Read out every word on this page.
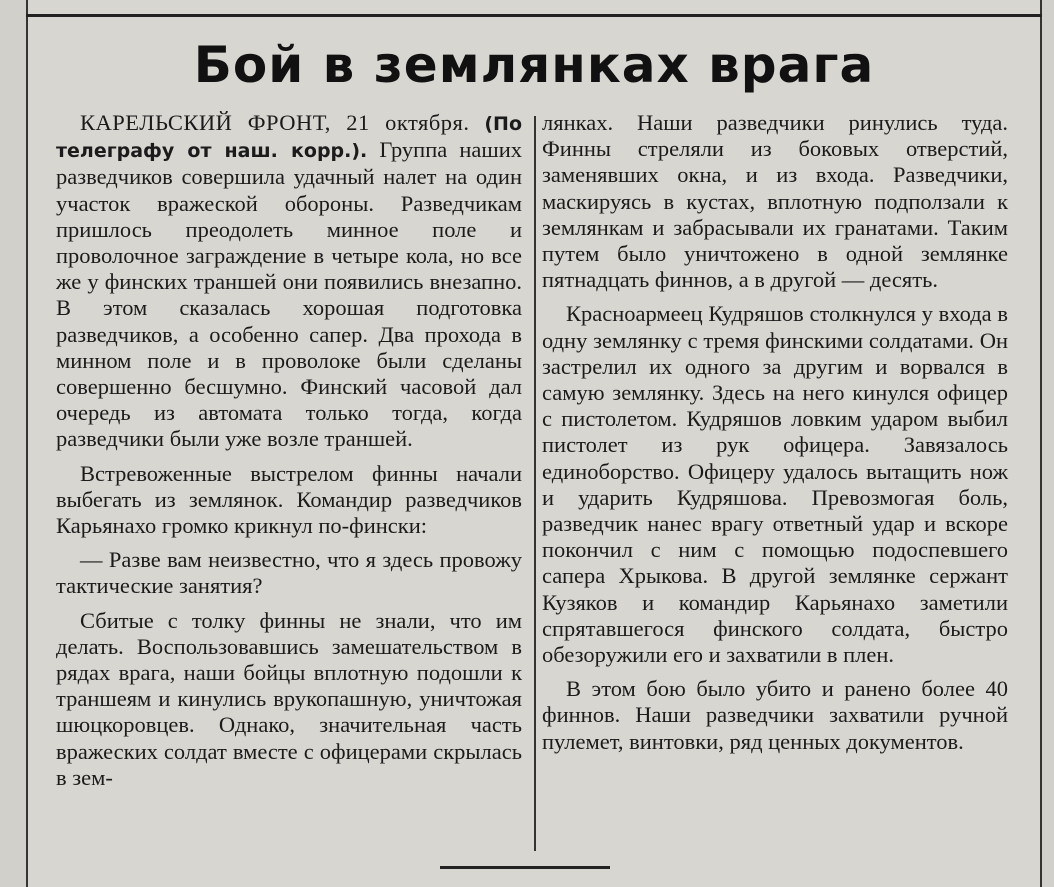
Бой в землянках врага

КАРЕЛЬСКИЙ ФРОНТ, 21 октября. (По телеграфу от наш. корр.). Группа наших разведчиков совершила удачный налет на один участок вражеской обороны. Разведчикам пришлось преодолеть минное поле и проволочное заграждение в четыре кола, но все же у финских траншей они появились внезапно. В этом сказалась хорошая подготовка разведчиков, а особенно сапер. Два прохода в минном поле и в проволоке были сделаны совершенно бесшумно. Финский часовой дал очередь из автомата только тогда, когда разведчики были уже возле траншей.

Встревоженные выстрелом финны начали выбегать из землянок. Командир разведчиков Карьянахо громко крикнул по-фински:

— Разве вам неизвестно, что я здесь провожу тактические занятия?

Сбитые с толку финны не знали, что им делать. Воспользовавшись замешательством в рядах врага, наши бойцы вплотную подошли к траншеям и кинулись врукопашную, уничтожая шюцкоровцев. Однако, значительная часть вражеских солдат вместе с офицерами скрылась в зем-

лянках. Наши разведчики ринулись туда. Финны стреляли из боковых отверстий, заменявших окна, и из входа. Разведчики, маскируясь в кустах, вплотную подползали к землянкам и забрасывали их гранатами. Таким путем было уничтожено в одной землянке пятнадцать финнов, а в другой — десять.

Красноармеец Кудряшов столкнулся у входа в одну землянку с тремя финскими солдатами. Он застрелил их одного за другим и ворвался в самую землянку. Здесь на него кинулся офицер с пистолетом. Кудряшов ловким ударом выбил пистолет из рук офицера. Завязалось единоборство. Офицеру удалось вытащить нож и ударить Кудряшова. Превозмогая боль, разведчик нанес врагу ответный удар и вскоре покончил с ним с помощью подоспевшего сапера Хрыкова. В другой землянке сержант Кузяков и командир Карьянахо заметили спрятавшегося финского солдата, быстро обезоружили его и захватили в плен.

В этом бою было убито и ранено более 40 финнов. Наши разведчики захватили ручной пулемет, винтовки, ряд ценных документов.
